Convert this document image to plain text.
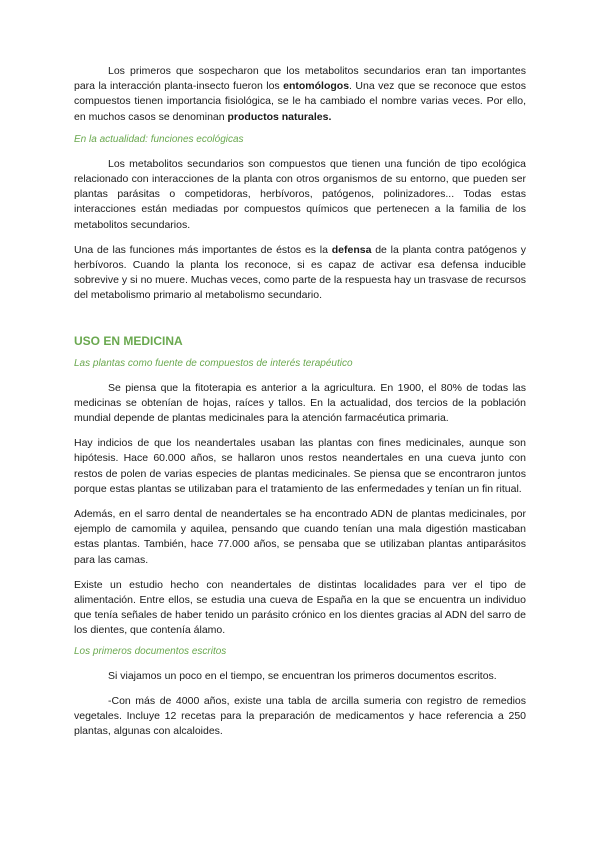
Los primeros que sospecharon que los metabolitos secundarios eran tan importantes para la interacción planta-insecto fueron los entomólogos. Una vez que se reconoce que estos compuestos tienen importancia fisiológica, se le ha cambiado el nombre varias veces. Por ello, en muchos casos se denominan productos naturales.

En la actualidad: funciones ecológicas

Los metabolitos secundarios son compuestos que tienen una función de tipo ecológica relacionado con interacciones de la planta con otros organismos de su entorno, que pueden ser plantas parásitas o competidoras, herbívoros, patógenos, polinizadores... Todas estas interacciones están mediadas por compuestos químicos que pertenecen a la familia de los metabolitos secundarios.

Una de las funciones más importantes de éstos es la defensa de la planta contra patógenos y herbívoros. Cuando la planta los reconoce, si es capaz de activar esa defensa inducible sobrevive y si no muere. Muchas veces, como parte de la respuesta hay un trasvase de recursos del metabolismo primario al metabolismo secundario.

USO EN MEDICINA
Las plantas como fuente de compuestos de interés terapéutico

Se piensa que la fitoterapia es anterior a la agricultura. En 1900, el 80% de todas las medicinas se obtenían de hojas, raíces y tallos. En la actualidad, dos tercios de la población mundial depende de plantas medicinales para la atención farmacéutica primaria.

Hay indicios de que los neandertales usaban las plantas con fines medicinales, aunque son hipótesis. Hace 60.000 años, se hallaron unos restos neandertales en una cueva junto con restos de polen de varias especies de plantas medicinales. Se piensa que se encontraron juntos porque estas plantas se utilizaban para el tratamiento de las enfermedades y tenían un fin ritual.

Además, en el sarro dental de neandertales se ha encontrado ADN de plantas medicinales, por ejemplo de camomila y aquilea, pensando que cuando tenían una mala digestión masticaban estas plantas. También, hace 77.000 años, se pensaba que se utilizaban plantas antiparásitos para las camas.

Existe un estudio hecho con neandertales de distintas localidades para ver el tipo de alimentación. Entre ellos, se estudia una cueva de España en la que se encuentra un individuo que tenía señales de haber tenido un parásito crónico en los dientes gracias al ADN del sarro de los dientes, que contenía álamo.

Los primeros documentos escritos

Si viajamos un poco en el tiempo, se encuentran los primeros documentos escritos.

-Con más de 4000 años, existe una tabla de arcilla sumeria con registro de remedios vegetales. Incluye 12 recetas para la preparación de medicamentos y hace referencia a 250 plantas, algunas con alcaloides.
